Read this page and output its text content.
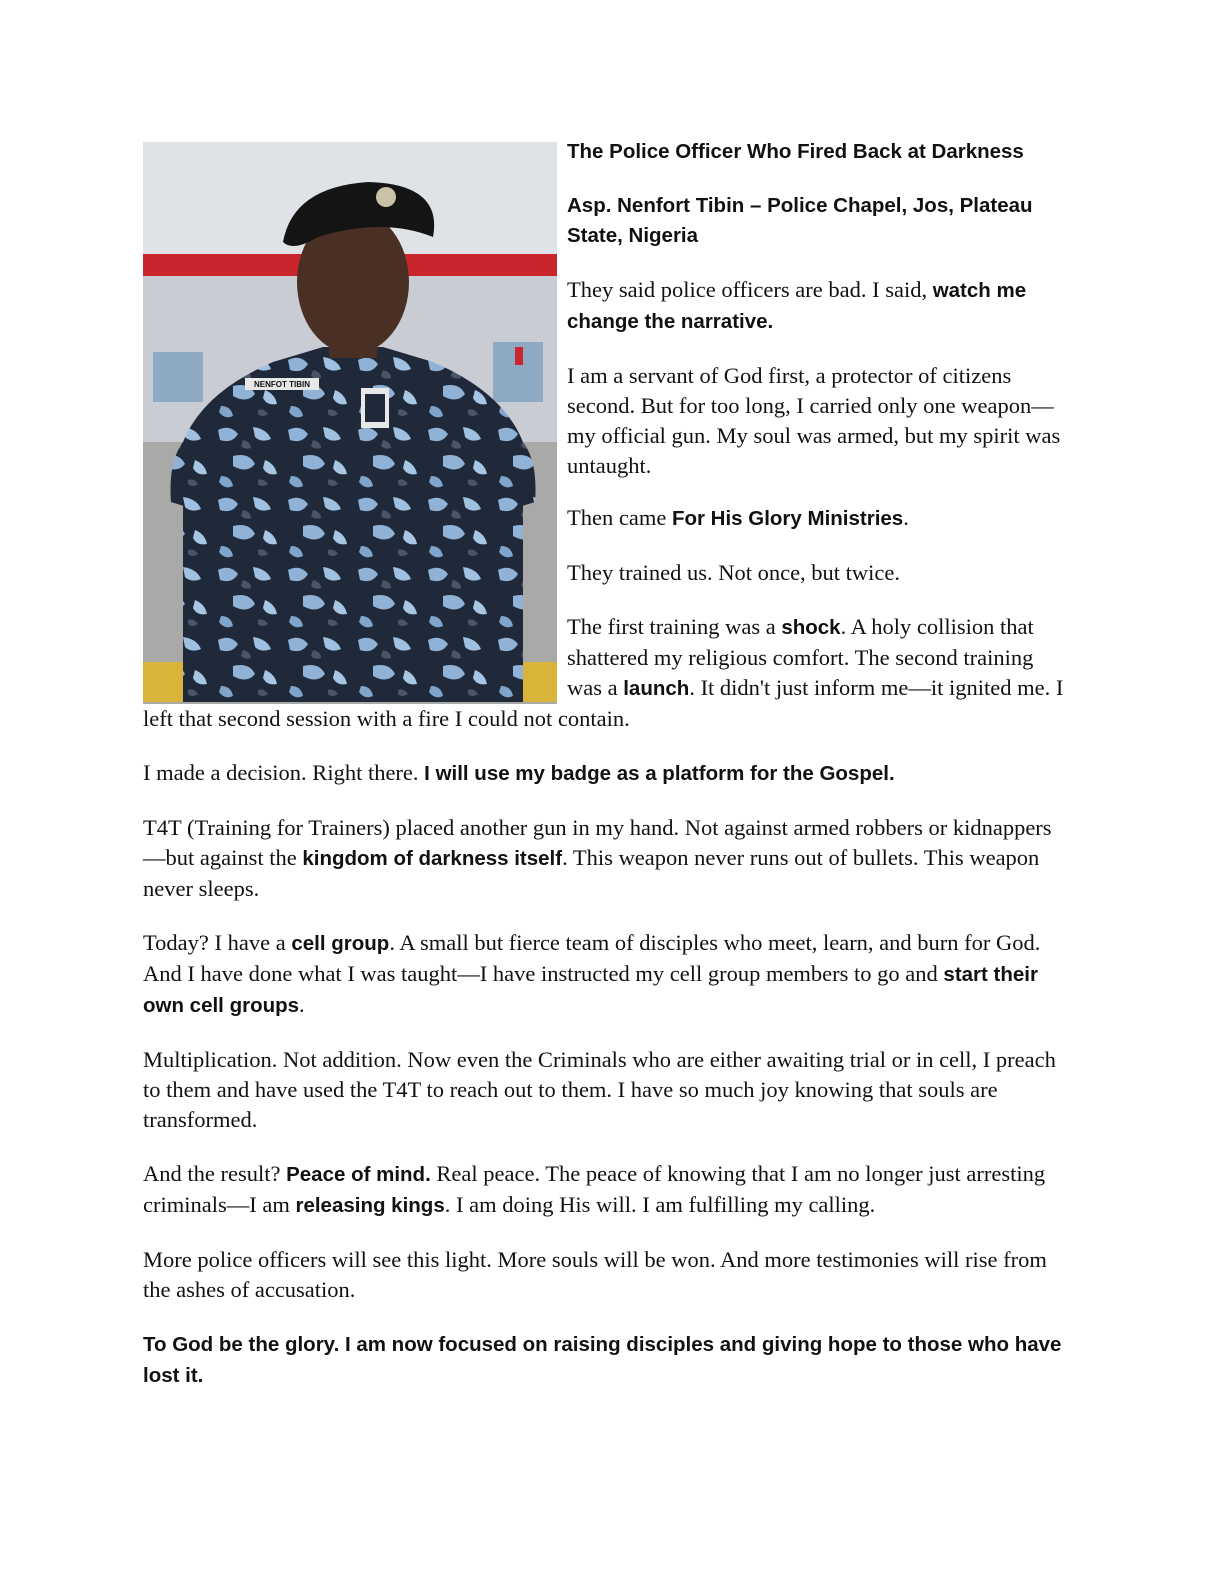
NENFOT TIBIN

The Police Officer Who Fired Back at Darkness

Asp. Nenfort Tibin – Police Chapel, Jos, Plateau State, Nigeria

They said police officers are bad. I said, watch me change the narrative.

I am a servant of God first, a protector of citizens second. But for too long, I carried only one weapon—my official gun. My soul was armed, but my spirit was untaught.

Then came For His Glory Ministries.

They trained us. Not once, but twice.

The first training was a shock. A holy collision that shattered my religious comfort. The second training was a launch. It didn't just inform me—it ignited me. I left that second session with a fire I could not contain.

I made a decision. Right there. I will use my badge as a platform for the Gospel.

T4T (Training for Trainers) placed another gun in my hand. Not against armed robbers or kidnappers—but against the kingdom of darkness itself. This weapon never runs out of bullets. This weapon never sleeps.

Today? I have a cell group. A small but fierce team of disciples who meet, learn, and burn for God. And I have done what I was taught—I have instructed my cell group members to go and start their own cell groups.

Multiplication. Not addition. Now even the Criminals who are either awaiting trial or in cell, I preach to them and have used the T4T to reach out to them. I have so much joy knowing that souls are transformed.

And the result? Peace of mind. Real peace. The peace of knowing that I am no longer just arresting criminals—I am releasing kings. I am doing His will. I am fulfilling my calling.

More police officers will see this light. More souls will be won. And more testimonies will rise from the ashes of accusation.

To God be the glory. I am now focused on raising disciples and giving hope to those who have lost it.
